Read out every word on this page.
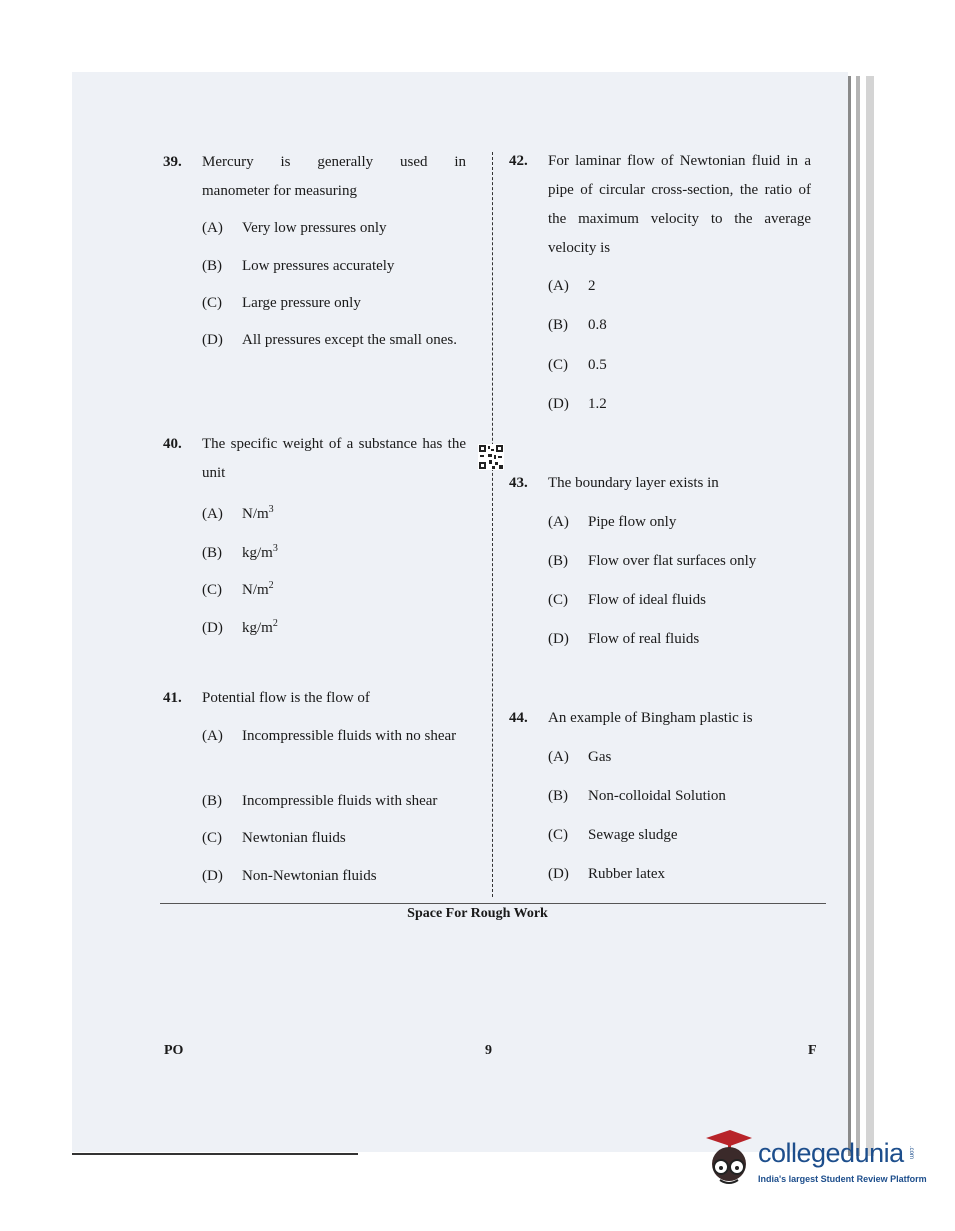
39. Mercury is generally used in
manometer for measuring
(A) Very low pressures only
(B) Low pressures accurately
(C) Large pressure only
(D)	All pressures except the small ones.
40. The specific weight of a substance has the unit
(A) $N/m^3$
(B) $kg/m^3$
(C) $N/m^2$
(D) $kg/m^2$
41. Potential flow is the flow of
(A)	Incompressible fluids with no shear
(B) Incompressible fluids with shear
(C) Newtonian fluids
(D) Non-Newtonian fluids
42. For laminar flow of Newtonian fluid in a pipe of circular cross-section, the ratio of the maximum velocity to the average velocity is
(A) 2
(B) 0.8
(C) 0.5
(D) 1.2
43. The boundary layer exists in
(A) Pipe flow only
(B) Flow over flat surfaces only
(C) Flow of ideal fluids
(D) Flow of real fluids
44. An example of Bingham plastic is
(A) Gas
(B) Non-colloidal Solution
(C) Sewage sludge
(D) Rubber latex
Space For Rough Work
PO	9	F
collegedunia .com
India's largest Student Review Platform
